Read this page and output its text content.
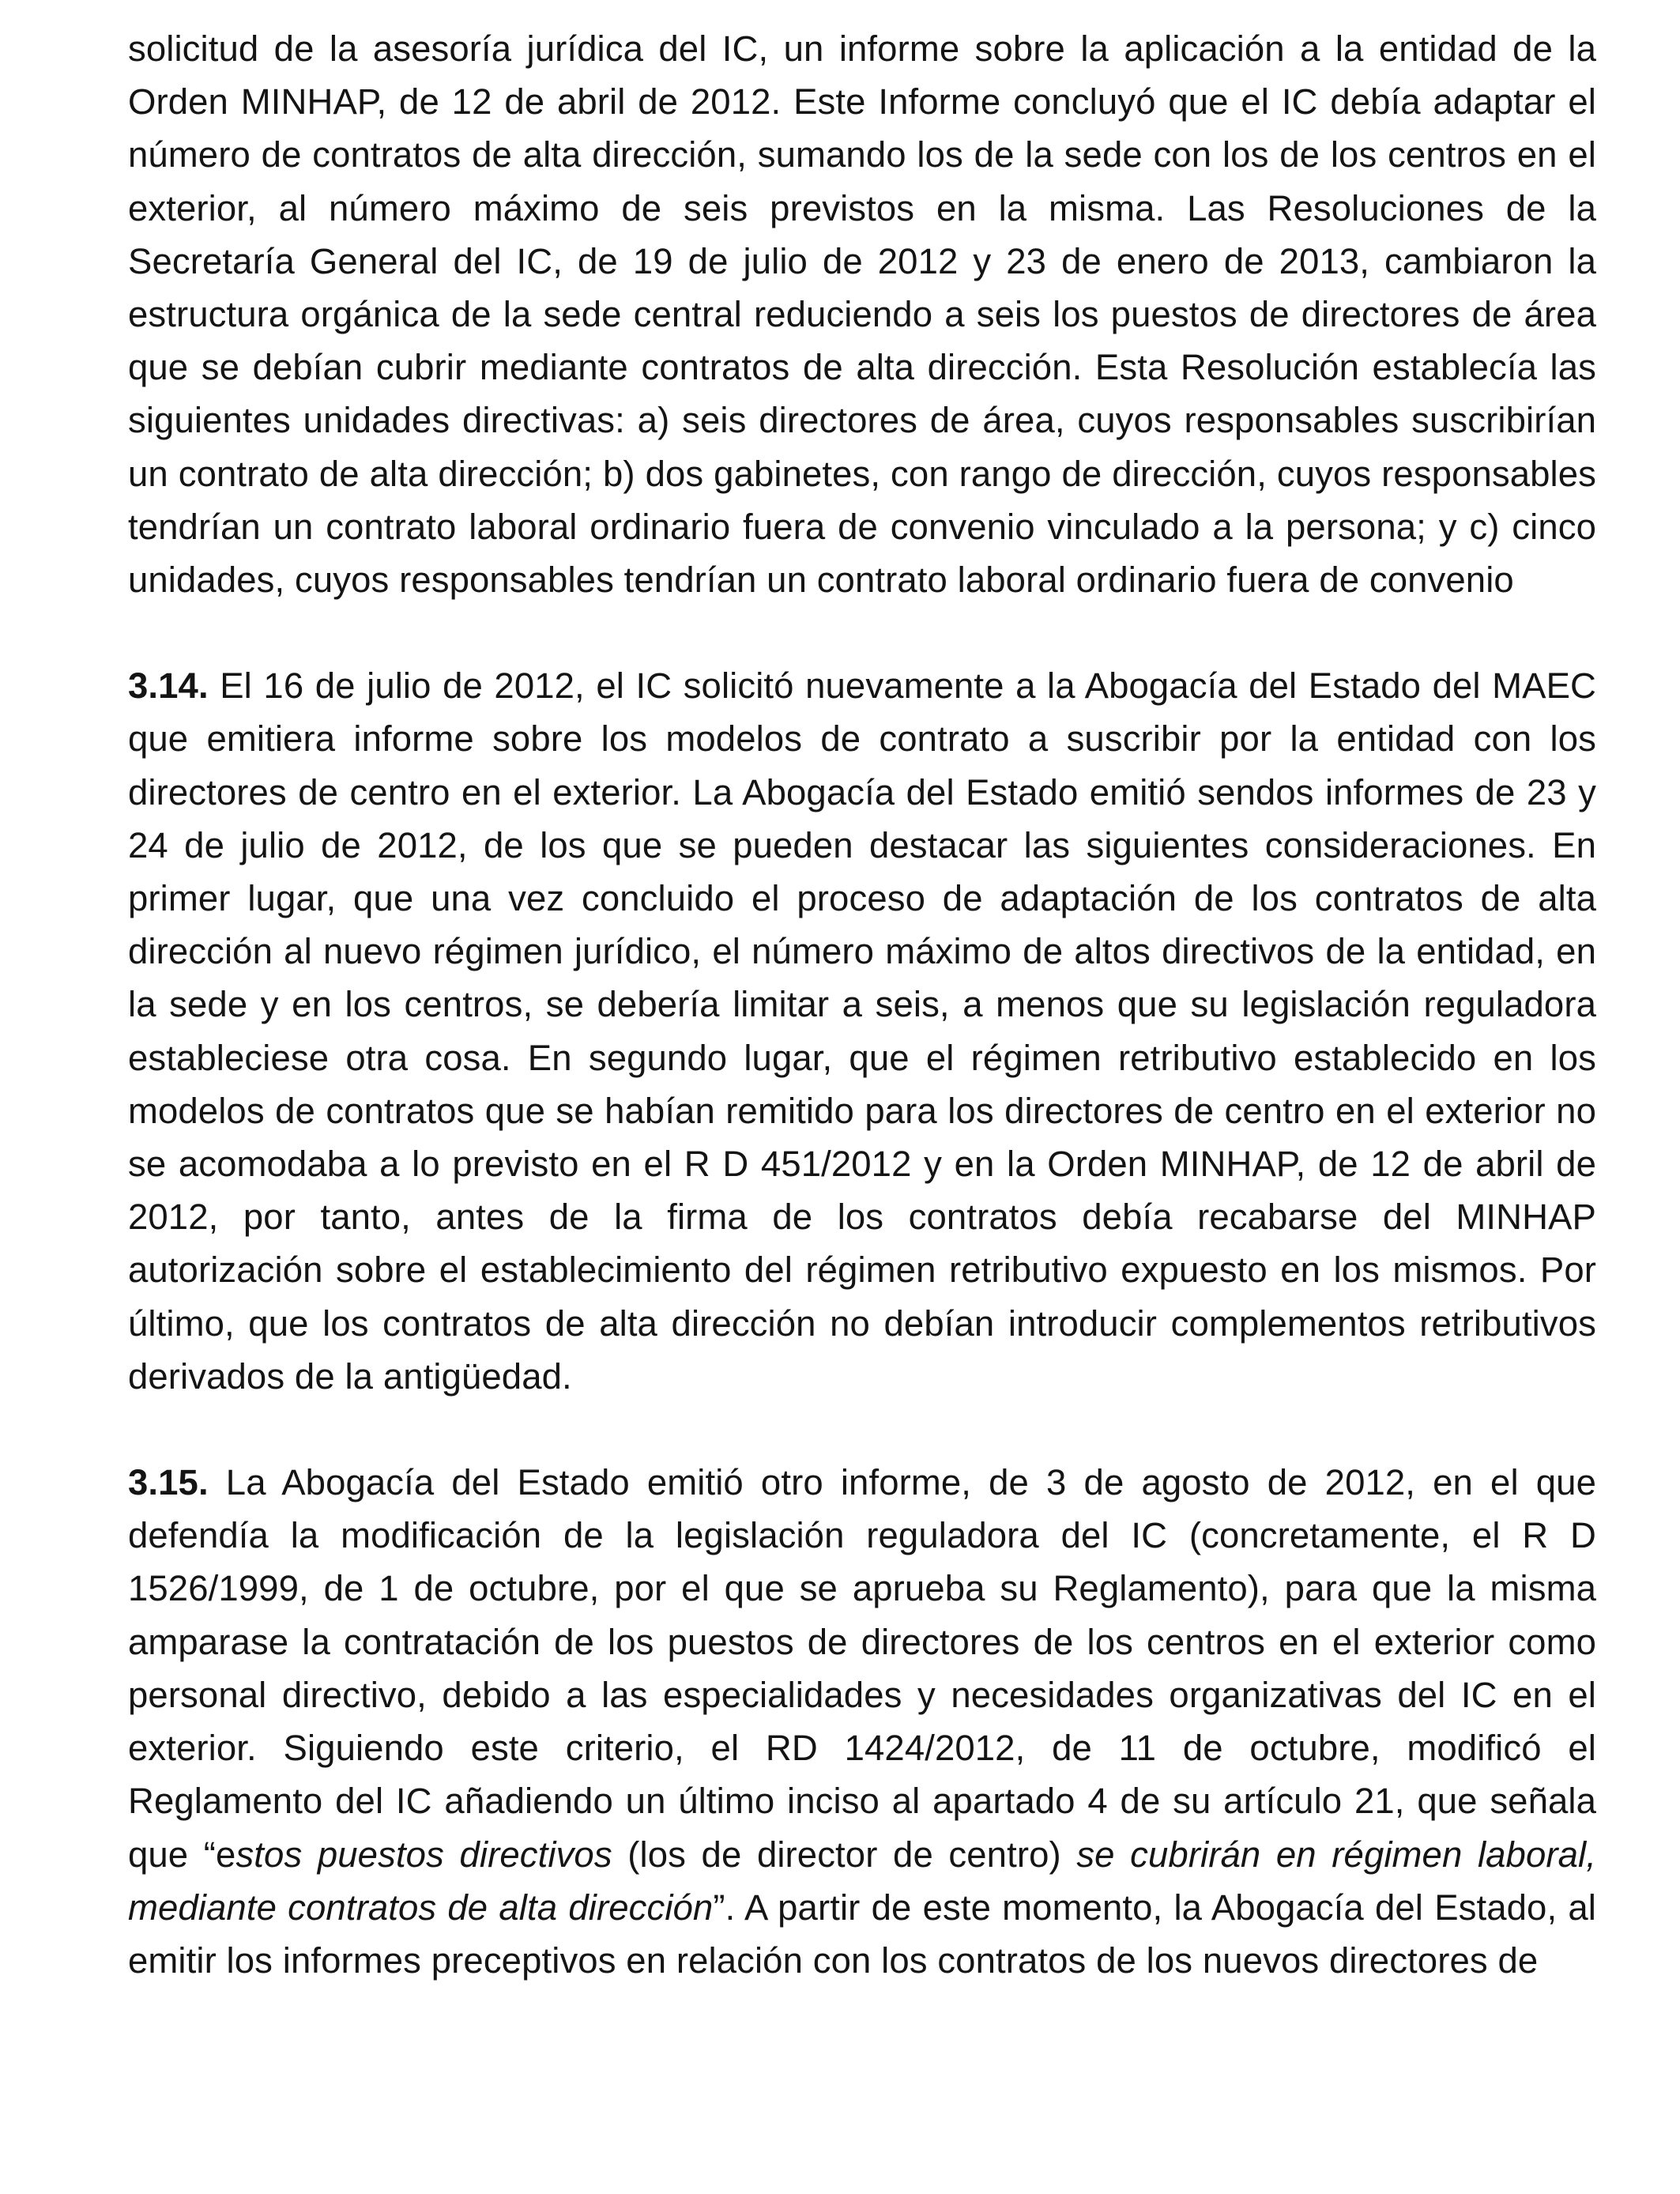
solicitud de la asesoría jurídica del IC, un informe sobre la aplicación a la entidad de la Orden MINHAP, de 12 de abril de 2012. Este Informe concluyó que el IC debía adaptar el número de contratos de alta dirección, sumando los de la sede con los de los centros en el exterior, al número máximo de seis previstos en la misma. Las Resoluciones de la Secretaría General del IC, de 19 de julio de 2012 y 23 de enero de 2013, cambiaron la estructura orgánica de la sede central reduciendo a seis los puestos de directores de área que se debían cubrir mediante contratos de alta dirección. Esta Resolución establecía las siguientes unidades directivas: a) seis directores de área, cuyos responsables suscribirían un contrato de alta dirección; b) dos gabinetes, con rango de dirección, cuyos responsables tendrían un contrato laboral ordinario fuera de convenio vinculado a la persona; y c) cinco unidades, cuyos responsables tendrían un contrato laboral ordinario fuera de convenio

3.14. El 16 de julio de 2012, el IC solicitó nuevamente a la Abogacía del Estado del MAEC que emitiera informe sobre los modelos de contrato a suscribir por la entidad con los directores de centro en el exterior. La Abogacía del Estado emitió sendos informes de 23 y 24 de julio de 2012, de los que se pueden destacar las siguientes consideraciones. En primer lugar, que una vez concluido el proceso de adaptación de los contratos de alta dirección al nuevo régimen jurídico, el número máximo de altos directivos de la entidad, en la sede y en los centros, se debería limitar a seis, a menos que su legislación reguladora estableciese otra cosa. En segundo lugar, que el régimen retributivo establecido en los modelos de contratos que se habían remitido para los directores de centro en el exterior no se acomodaba a lo previsto en el R D 451/2012 y en la Orden MINHAP, de 12 de abril de 2012, por tanto, antes de la firma de los contratos debía recabarse del MINHAP autorización sobre el establecimiento del régimen retributivo expuesto en los mismos. Por último, que los contratos de alta dirección no debían introducir complementos retributivos derivados de la antigüedad.

3.15. La Abogacía del Estado emitió otro informe, de 3 de agosto de 2012, en el que defendía la modificación de la legislación reguladora del IC (concretamente, el R D 1526/1999, de 1 de octubre, por el que se aprueba su Reglamento), para que la misma amparase la contratación de los puestos de directores de los centros en el exterior como personal directivo, debido a las especialidades y necesidades organizativas del IC en el exterior. Siguiendo este criterio, el RD 1424/2012, de 11 de octubre, modificó el Reglamento del IC añadiendo un último inciso al apartado 4 de su artículo 21, que señala que “estos puestos directivos (los de director de centro) se cubrirán en régimen laboral, mediante contratos de alta dirección”. A partir de este momento, la Abogacía del Estado, al emitir los informes preceptivos en relación con los contratos de los nuevos directores de
